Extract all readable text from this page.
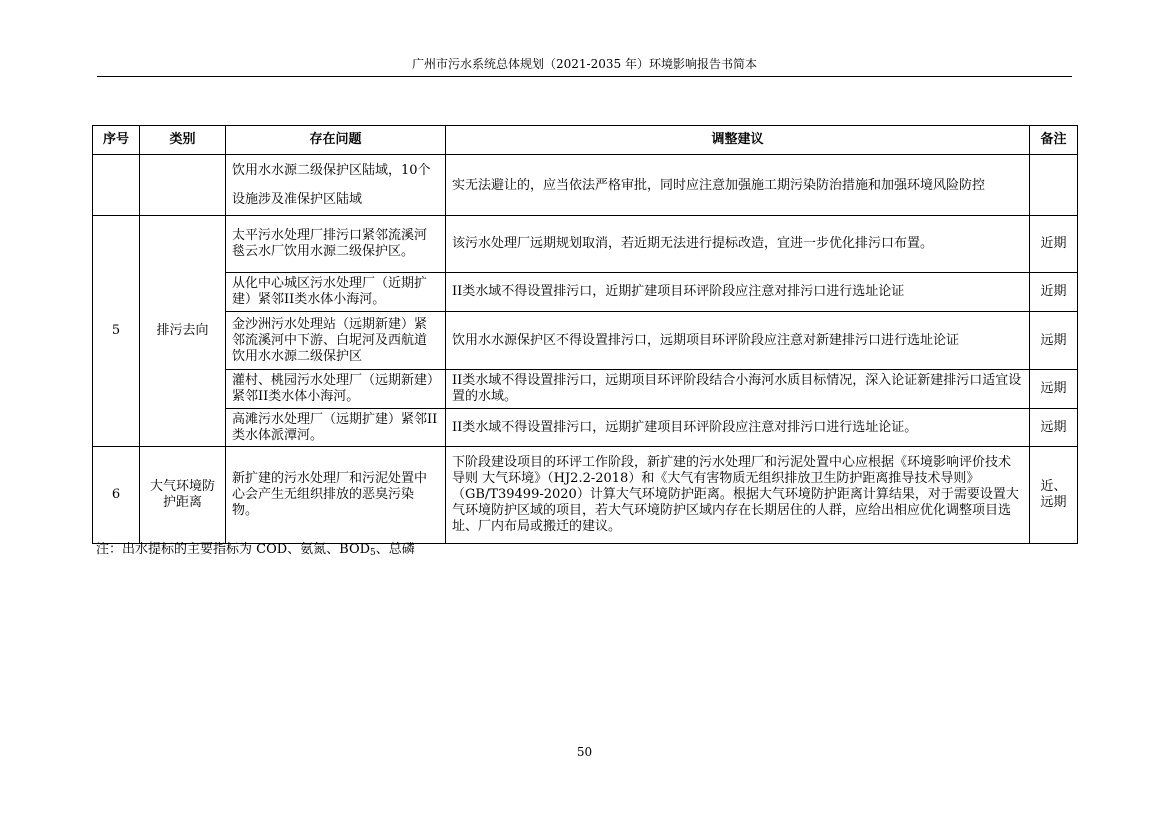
广州市污水系统总体规划（2021-2035 年）环境影响报告书简本
序号	类别	存在问题	调整建议	备注
		饮用水水源二级保护区陆域，10个设施涉及准保护区陆域	实无法避让的，应当依法严格审批，同时应注意加强施工期污染防治措施和加强环境风险防控	
5	排污去向	太平污水处理厂排污口紧邻流溪河毯云水厂饮用水源二级保护区。	该污水处理厂远期规划取消，若近期无法进行提标改造，宜进一步优化排污口布置。	近期
		从化中心城区污水处理厂（近期扩建）紧邻II类水体小海河。	II类水域不得设置排污口，近期扩建项目环评阶段应注意对排污口进行选址论证	近期
		金沙洲污水处理站（远期新建）紧邻流溪河中下游、白坭河及西航道饮用水水源二级保护区	饮用水水源保护区不得设置排污口，远期项目环评阶段应注意对新建排污口进行选址论证	远期
		灌村、桃园污水处理厂（远期新建）紧邻II类水体小海河。	II类水域不得设置排污口，远期项目环评阶段结合小海河水质目标情况，深入论证新建排污口适宜设置的水域。	远期
		高滩污水处理厂（远期扩建）紧邻II类水体派潭河。	II类水域不得设置排污口，远期扩建项目环评阶段应注意对排污口进行选址论证。	远期
6	大气环境防护距离	新扩建的污水处理厂和污泥处置中心会产生无组织排放的恶臭污染物。	下阶段建设项目的环评工作阶段，新扩建的污水处理厂和污泥处置中心应根据《环境影响评价技术导则 大气环境》（HJ2.2-2018）和《大气有害物质无组织排放卫生防护距离推导技术导则》（GB/T39499-2020）计算大气环境防护距离。根据大气环境防护距离计算结果，对于需要设置大气环境防护区域的项目，若大气环境防护区域内存在长期居住的人群，应给出相应优化调整项目选址、厂内布局或搬迁的建议。	近、远期
注：出水提标的主要指标为 COD、氨氮、$BOD_5$、总磷
50
